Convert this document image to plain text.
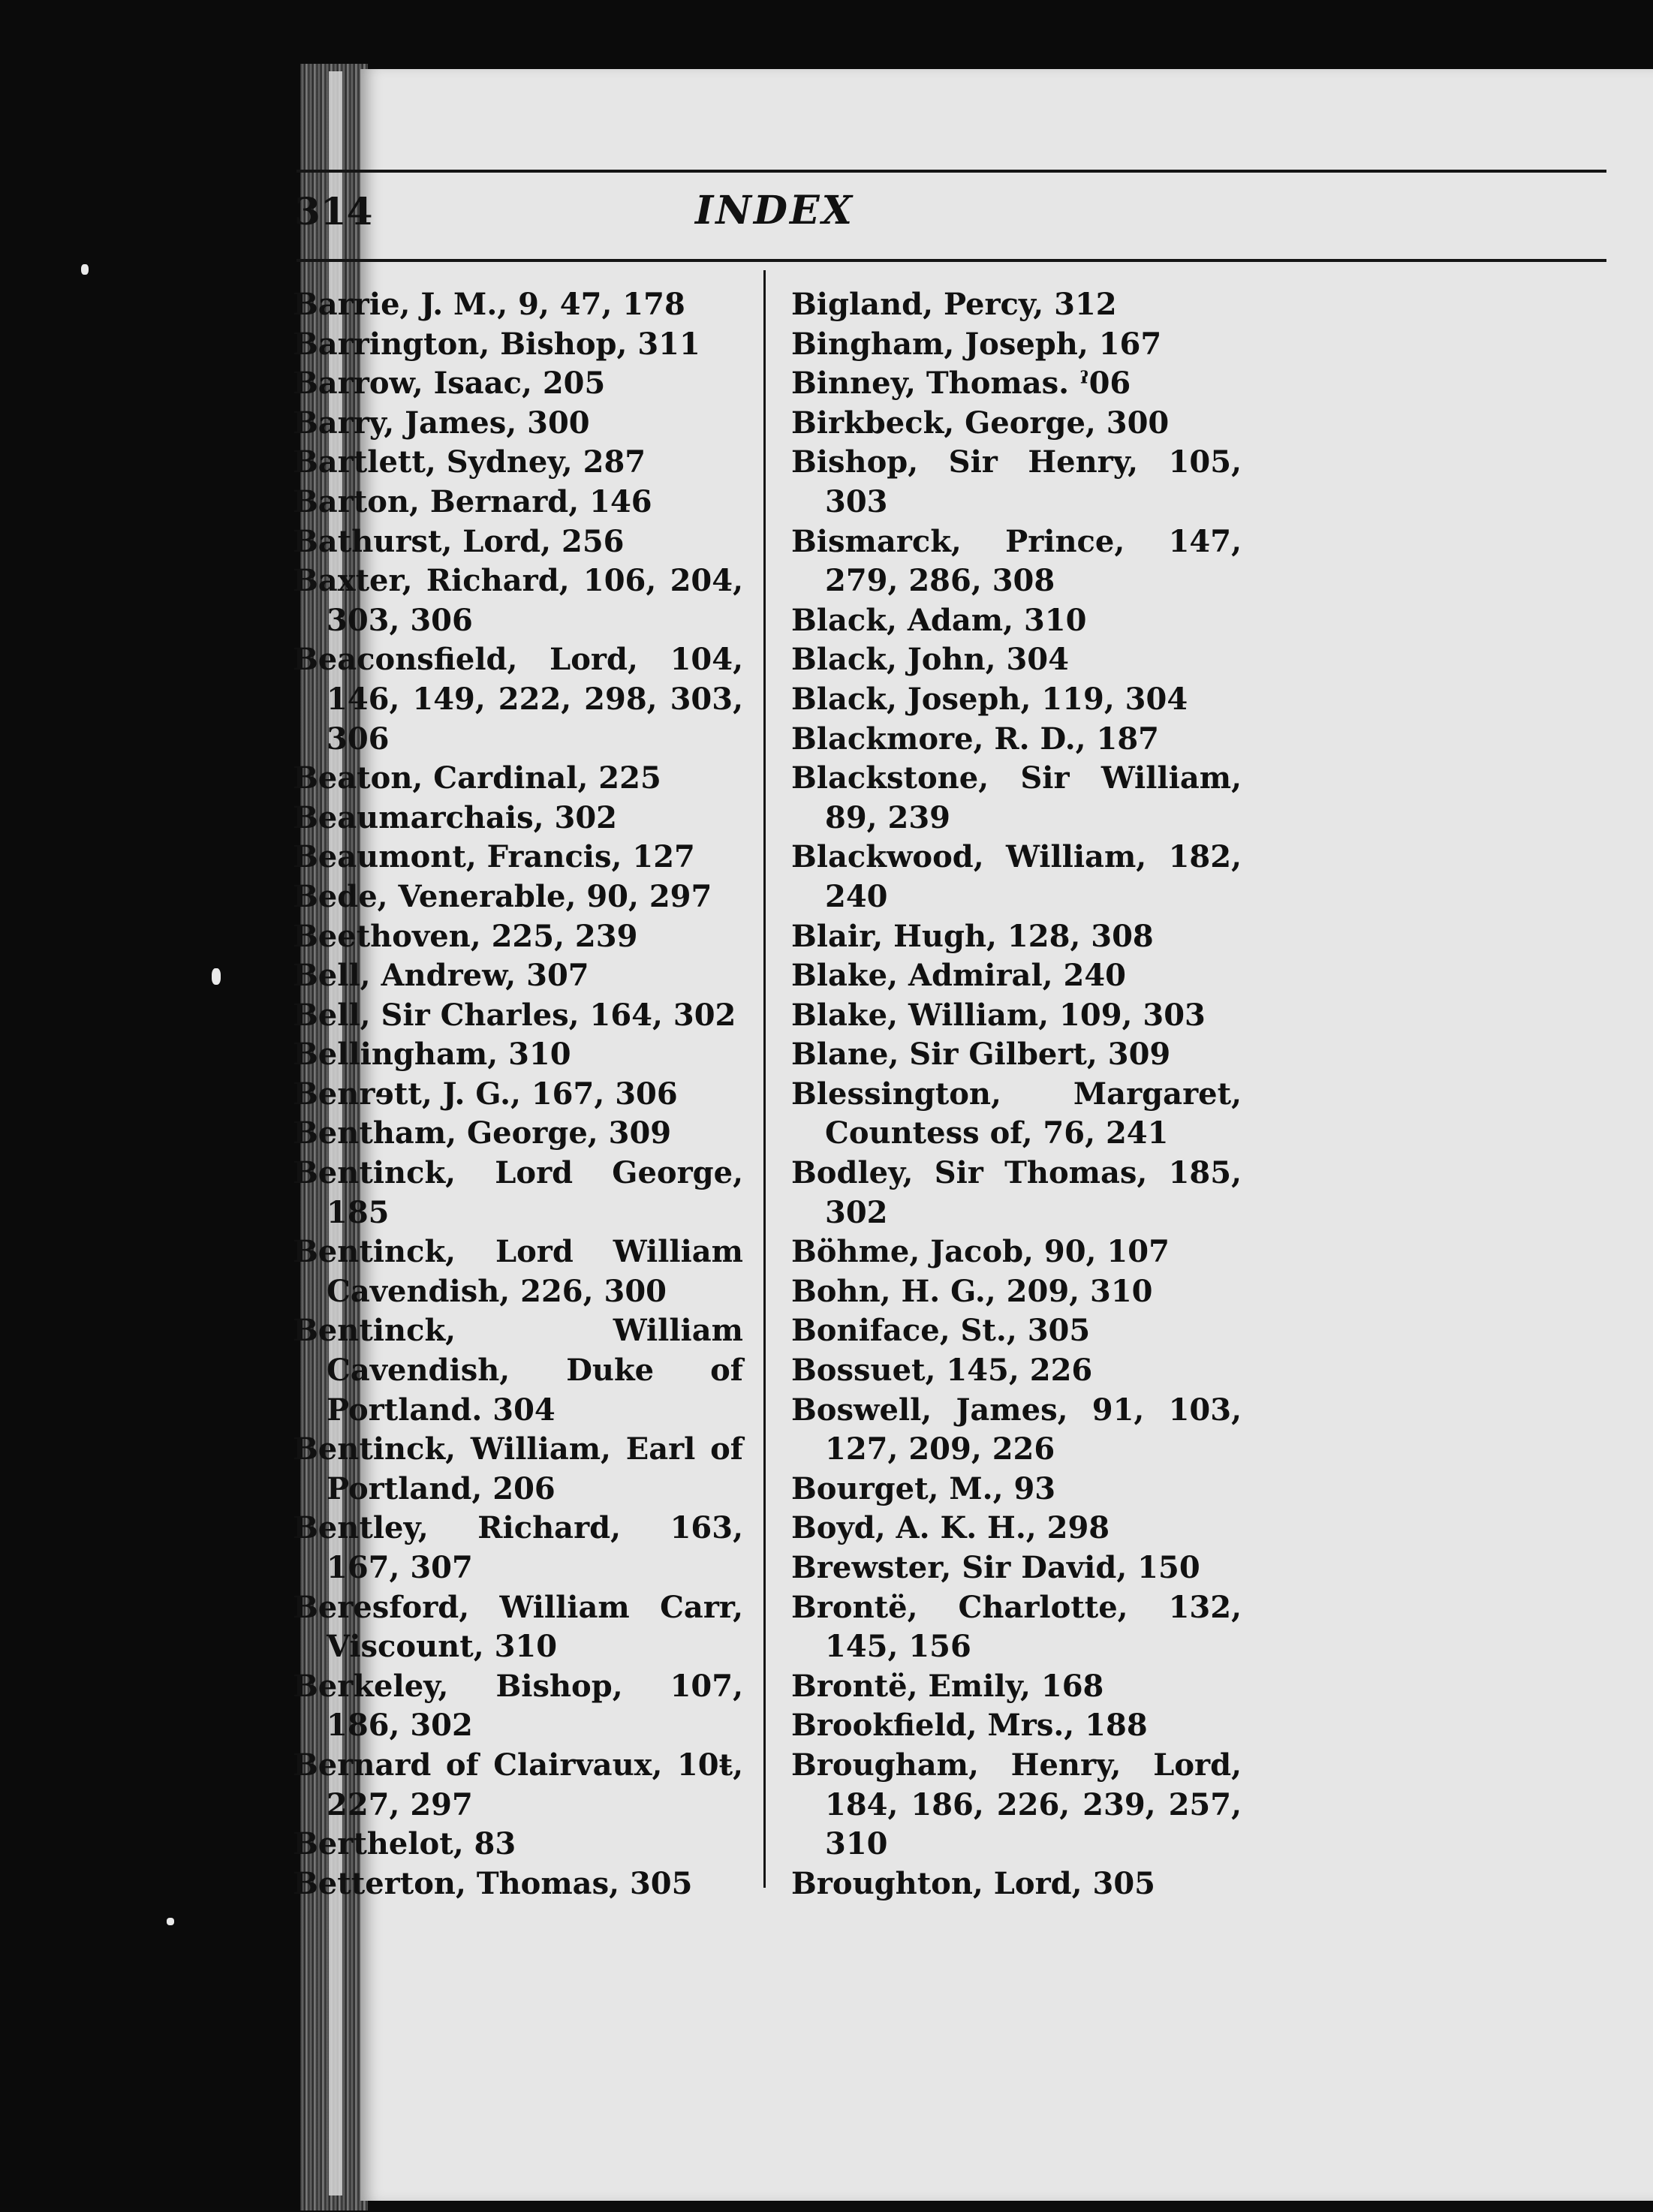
314	INDEX
Barrie, J. M., 9, 47, 178
Barrington, Bishop, 311
Barrow, Isaac, 205
Barry, James, 300
Bartlett, Sydney, 287
Barton, Bernard, 146
Bathurst, Lord, 256
Baxter, Richard, 106, 204, 303, 306
Beaconsfield, Lord, 104, 146, 149, 222, 298, 303, 306
Beaton, Cardinal, 225
Beaumarchais, 302
Beaumont, Francis, 127
Bede, Venerable, 90, 297
Beethoven, 225, 239
Bell, Andrew, 307
Bell, Sir Charles, 164, 302
Bellingham, 310
Benrɘtt, J. G., 167, 306
Bentham, George, 309
Bentinck, Lord George, 185
Bentinck, Lord William Cavendish, 226, 300
Bentinck, William Cavendish, Duke of Portland. 304
Bentinck, William, Earl of Portland, 206
Bentley, Richard, 163, 167, 307
Beresford, William Carr, Viscount, 310
Berkeley, Bishop, 107, 186, 302
Bernard of Clairvaux, 10ŧ, 227, 297
Berthelot, 83
Betterton, Thomas, 305
Bigland, Percy, 312
Bingham, Joseph, 167
Binney, Thomas. ˀ06
Birkbeck, George, 300
Bishop, Sir Henry, 105, 303
Bismarck, Prince, 147, 279, 286, 308
Black, Adam, 310
Black, John, 304
Black, Joseph, 119, 304
Blackmore, R. D., 187
Blackstone, Sir William, 89, 239
Blackwood, William, 182, 240
Blair, Hugh, 128, 308
Blake, Admiral, 240
Blake, William, 109, 303
Blane, Sir Gilbert, 309
Blessington, Margaret, Countess of, 76, 241
Bodley, Sir Thomas, 185, 302
Böhme, Jacob, 90, 107
Bohn, H. G., 209, 310
Boniface, St., 305
Bossuet, 145, 226
Boswell, James, 91, 103, 127, 209, 226
Bourget, M., 93
Boyd, A. K. H., 298
Brewster, Sir David, 150
Brontë, Charlotte, 132, 145, 156
Brontë, Emily, 168
Brookfield, Mrs., 188
Brougham, Henry, Lord, 184, 186, 226, 239, 257, 310
Broughton, Lord, 305
